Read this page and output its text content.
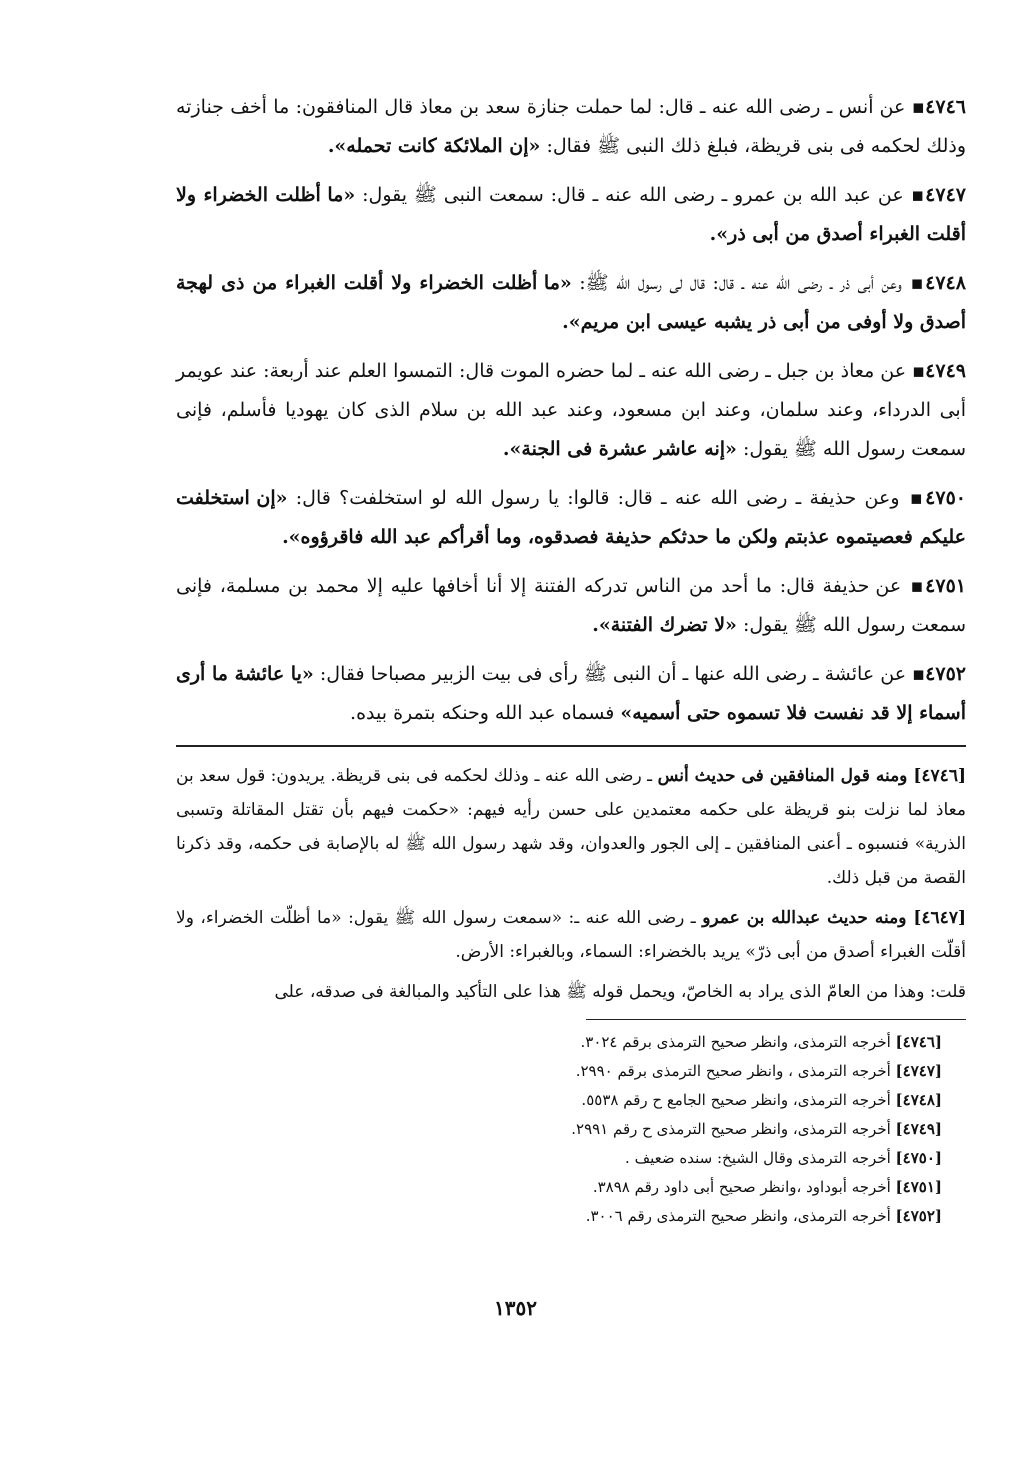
٤٧٤٦▪ عن أنس ـ رضى الله عنه ـ قال: لما حملت جنازة سعد بن معاذ قال المنافقون: ما أخف جنازته وذلك لحكمه فى بنى قريظة، فبلغ ذلك النبى ﷺ فقال: «إن الملائكة كانت تحمله».

٤٧٤٧▪ عن عبد الله بن عمرو ـ رضى الله عنه ـ قال: سمعت النبى ﷺ يقول: «ما أظلت الخضراء ولا أقلت الغبراء أصدق من أبى ذر».

٤٧٤٨▪ وعن أبى ذر ـ رضى الله عنه ـ قال: قال لى رسول الله ﷺ: «ما أظلت الخضراء ولا أقلت الغبراء من ذى لهجة أصدق ولا أوفى من أبى ذر يشبه عيسى ابن مريم».

٤٧٤٩▪ عن معاذ بن جبل ـ رضى الله عنه ـ لما حضره الموت قال: التمسوا العلم عند أربعة: عند عويمر أبى الدرداء، وعند سلمان، وعند ابن مسعود، وعند عبد الله بن سلام الذى كان يهوديا فأسلم، فإنى سمعت رسول الله ﷺ يقول: «إنه عاشر عشرة فى الجنة».

٤٧٥٠▪ وعن حذيفة ـ رضى الله عنه ـ قال: قالوا: يا رسول الله لو استخلفت؟ قال: «إن استخلفت عليكم فعصيتموه عذبتم ولكن ما حدثكم حذيفة فصدقوه، وما أقرأكم عبد الله فاقرؤوه».

٤٧٥١▪ عن حذيفة قال: ما أحد من الناس تدركه الفتنة إلا أنا أخافها عليه إلا محمد بن مسلمة، فإنى سمعت رسول الله ﷺ يقول: «لا تضرك الفتنة».

٤٧٥٢▪ عن عائشة ـ رضى الله عنها ـ أن النبى ﷺ رأى فى بيت الزبير مصباحا فقال: «يا عائشة ما أرى أسماء إلا قد نفست فلا تسموه حتى أسميه» فسماه عبد الله وحنكه بتمرة بيده.

[٤٧٤٦] ومنه قول المنافقين فى حديث أنس ـ رضى الله عنه ـ وذلك لحكمه فى بنى قريظة. يريدون: قول سعد بن معاذ لما نزلت بنو قريظة على حكمه معتمدين على حسن رأيه فيهم: «حكمت فيهم بأن تقتل المقاتلة وتسبى الذرية» فنسبوه ـ أعنى المنافقين ـ إلى الجور والعدوان، وقد شهد رسول الله ﷺ له بالإصابة فى حكمه، وقد ذكرنا القصة من قبل ذلك.

[٤٦٤٧] ومنه حديث عبدالله بن عمرو ـ رضى الله عنه ـ: «سمعت رسول الله ﷺ يقول: «ما أظلّت الخضراء، ولا أقلّت الغبراء أصدق من أبى ذرّ» يريد بالخضراء: السماء، وبالغبراء: الأرض.

قلت: وهذا من العامّ الذى يراد به الخاصّ، ويحمل قوله ﷺ هذا على التأكيد والمبالغة فى صدقه، على

[٤٧٤٦] أخرجه الترمذى، وانظر صحيح الترمذى برقم ٣٠٢٤.
[٤٧٤٧] أخرجه الترمذى ، وانظر صحيح الترمذى برقم ٢٩٩٠.
[٤٧٤٨] أخرجه الترمذى، وانظر صحيح الجامع ح رقم ٥٥٣٨.
[٤٧٤٩] أخرجه الترمذى، وانظر صحيح الترمذى ح رقم ٢٩٩١.
[٤٧٥٠] أخرجه الترمذى وقال الشيخ: سنده ضعيف .
[٤٧٥١] أخرجه أبوداود ،وانظر صحيح أبى داود رقم ٣٨٩٨.
[٤٧٥٢] أخرجه الترمذى، وانظر صحيح الترمذى رقم ٣٠٠٦.
١٣٥٢
